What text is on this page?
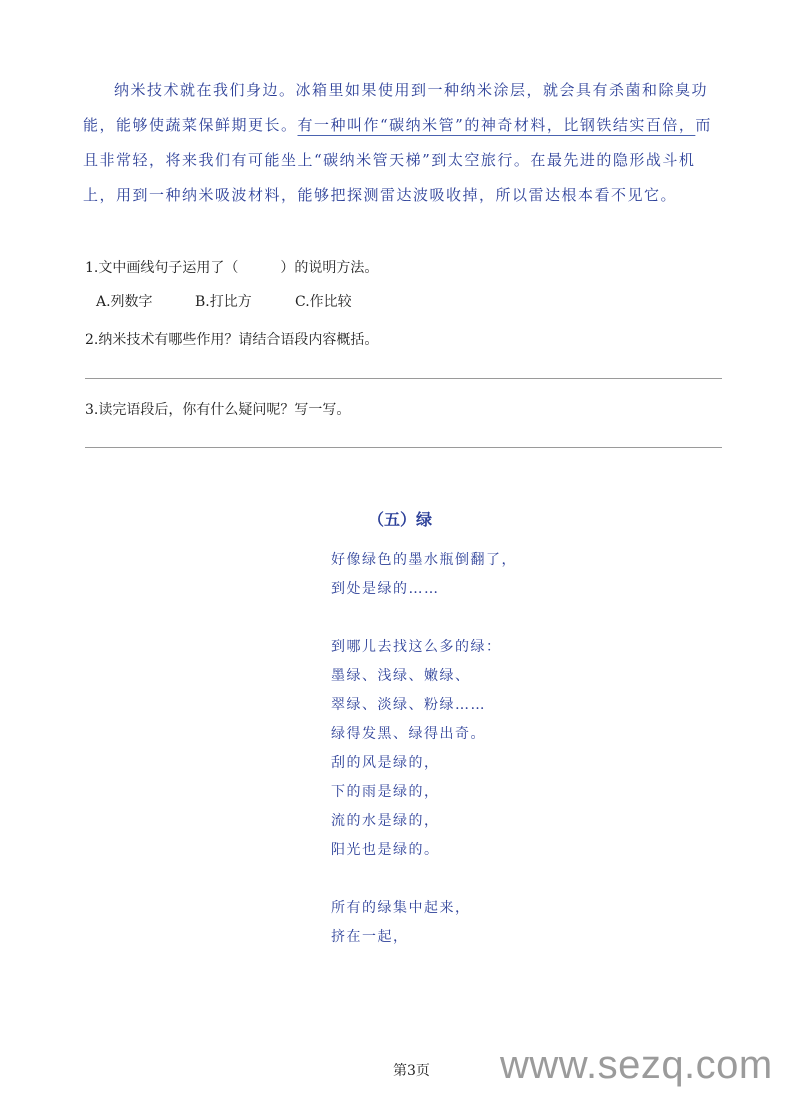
纳米技术就在我们身边。冰箱里如果使用到一种纳米涂层，就会具有杀菌和除臭功能，能够使蔬菜保鲜期更长。有一种叫作“碳纳米管”的神奇材料，比钢铁结实百倍，而且非常轻，将来我们有可能坐上“碳纳米管天梯”到太空旅行。在最先进的隐形战斗机上，用到一种纳米吸波材料，能够把探测雷达波吸收掉，所以雷达根本看不见它。
1.文中画线句子运用了（　　　）的说明方法。
A.列数字	B.打比方	C.作比较
2.纳米技术有哪些作用？请结合语段内容概括。
3.读完语段后，你有什么疑问呢？写一写。
（五）绿
好像绿色的墨水瓶倒翻了，
到处是绿的……
到哪儿去找这么多的绿：
墨绿、浅绿、嫩绿、
翠绿、淡绿、粉绿……
绿得发黑、绿得出奇。
刮的风是绿的，
下的雨是绿的，
流的水是绿的，
阳光也是绿的。
所有的绿集中起来，
挤在一起，
第3页 www.sezq.com
